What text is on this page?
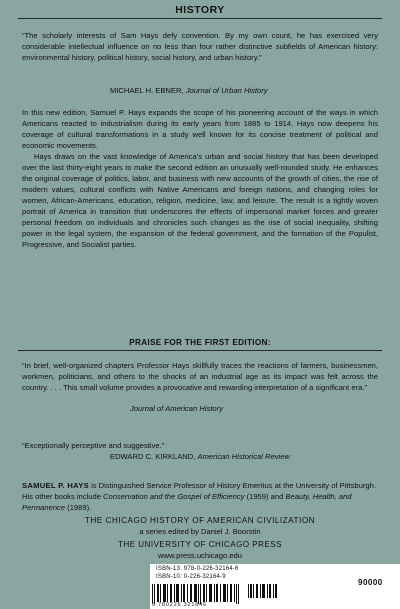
HISTORY
“The scholarly interests of Sam Hays defy convention. By my own count, he has exercised very considerable intellectual influence on no less than four rather distinctive subfields of American history: environmental history, political history, social history, and urban history.”
MICHAEL H. EBNER, Journal of Urban History

In this new edition, Samuel P. Hays expands the scope of his pioneering account of the ways in which Americans reacted to industrialism during its early years from 1885 to 1914. Hays now deepens his coverage of cultural transformations in a study well known for its concise treatment of political and economic movements.

Hays draws on the vast knowledge of America’s urban and social history that has been developed over the last thirty-eight years to make the second edition an unusually well-rounded study. He enhances the original coverage of politics, labor, and business with new accounts of the growth of cities, the rise of modern values, cultural conflicts with Native Americans and foreign nations, and changing roles for women, African-Americans, education, religion, medicine, law, and leisure. The result is a tightly woven portrait of America in transition that underscores the effects of impersonal market forces and greater personal freedom on individuals and chronicles such changes as the rise of social inequality, shifting power in the legal system, the expansion of the federal government, and the formation of the Populist, Progressive, and Socialist parties.

PRAISE FOR THE FIRST EDITION:
“In brief, well-organized chapters Professor Hays skillfully traces the reactions of farmers, businessmen, workmen, politicians, and others to the shocks of an industrial age as its impact was felt across the country. . . . This small volume provides a provocative and rewarding interpretation of a significant era.”
Journal of American History
“Exceptionally perceptive and suggestive.”
EDWARD C. KIRKLAND, American Historical Review
SAMUEL P. HAYS is Distinguished Service Professor of History Emeritus at the University of Pittsburgh. His other books include Conservation and the Gospel of Efficiency (1959) and Beauty, Health, and Permanence (1989).
THE CHICAGO HISTORY OF AMERICAN CIVILIZATION
a series edited by Daniel J. Boorstin
THE UNIVERSITY OF CHICAGO PRESS
www.press.uchicago.edu
ISBN-13: 978-0-226-32164-6
ISBN-10: 0-226-32164-9
90000
9 780226 321646
